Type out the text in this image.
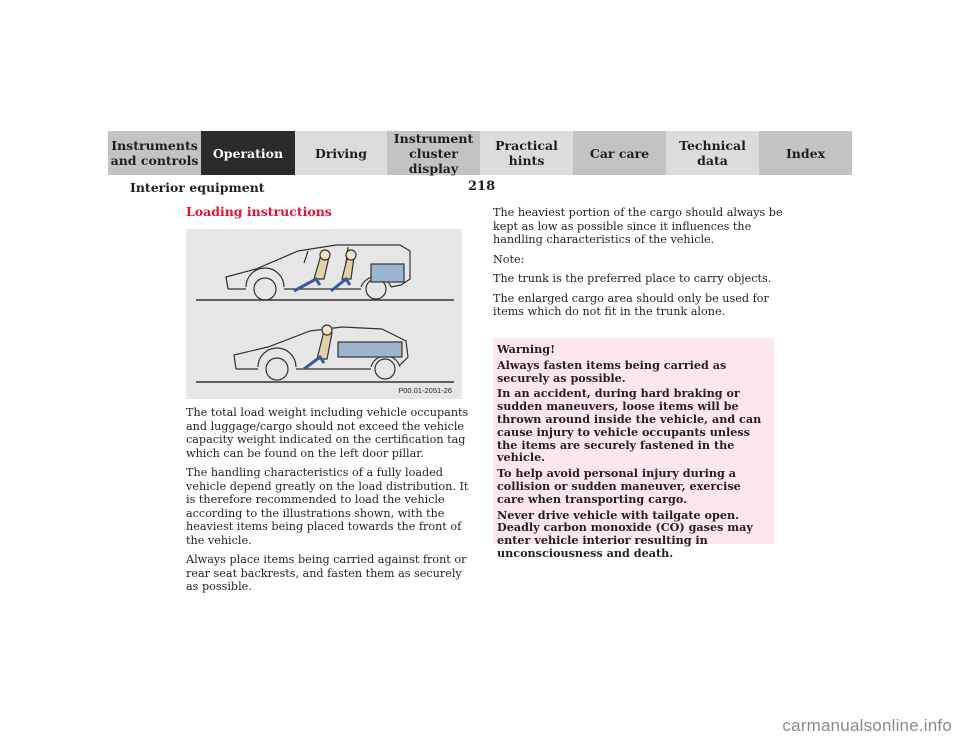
Instruments
and controls Operation	Driving
Instrument
cluster display
Practical hints	Car care Technical
data	Index
Interior equipment	218
Loading instructions
P00.01-2051-26

The total load weight including vehicle occupants and luggage/cargo should not exceed the vehicle capacity weight indicated on the certification tag which can be found on the left door pillar.

The handling characteristics of a fully loaded vehicle depend greatly on the load distribution. It is therefore recommended to load the vehicle according to the illustrations shown, with the heaviest items being placed towards the front of the vehicle.

Always place items being carried against front or rear seat backrests, and fasten them as securely as possible.

The heaviest portion of the cargo should always be kept as low as possible since it influences the handling characteristics of the vehicle.

Note:

The trunk is the preferred place to carry objects.

The enlarged cargo area should only be used for items which do not fit in the trunk alone.

Warning!

Always fasten items being carried as securely as possible.

In an accident, during hard braking or sudden maneuvers, loose items will be thrown around inside the vehicle, and can cause injury to vehicle occupants unless the items are securely fastened in the vehicle.

To help avoid personal injury during a collision or sudden maneuver, exercise care when transporting cargo.

Never drive vehicle with tailgate open. Deadly carbon monoxide (CO) gases may enter vehicle interior resulting in unconsciousness and death.

carmanualsonline.info
